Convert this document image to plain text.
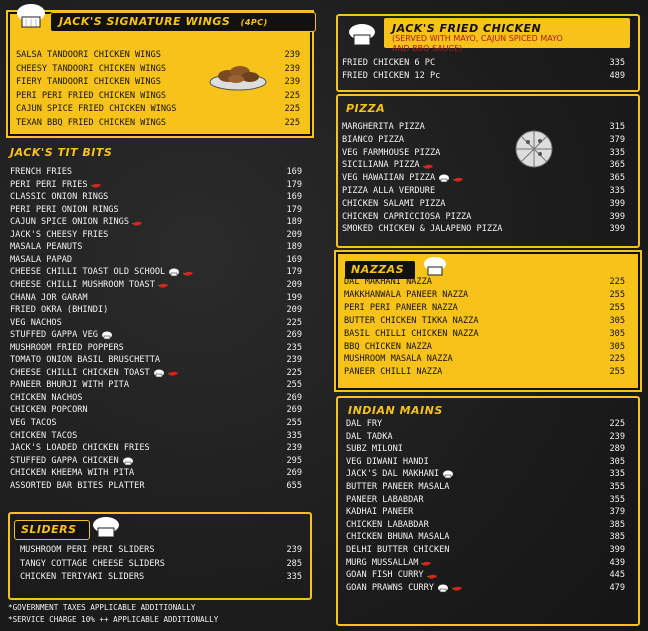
JACK'S SIGNATURE WINGS (4PC)
SALSA TANDOORI CHICKEN WINGS	239
CHEESY TANDOORI CHICKEN WINGS	239
FIERY TANDOORI CHICKEN WINGS	239
PERI PERI FRIED CHICKEN WINGS	225
CAJUN SPICE FRIED CHICKEN WINGS	225
TEXAN BBQ FRIED CHICKEN WINGS	225
JACK'S TIT BITS
FRENCH FRIES	169
PERI PERI FRIES	179
CLASSIC ONION RINGS	169
PERI PERI ONION RINGS	179
CAJUN SPICE ONION RINGS	189
JACK'S CHEESY FRIES	209
MASALA PEANUTS	189
MASALA PAPAD	169
CHEESE CHILLI TOAST OLD SCHOOL	179
CHEESE CHILLI MUSHROOM TOAST	209
CHANA JOR GARAM	199
FRIED OKRA (BHINDI)	209
VEG NACHOS	225
STUFFED GAPPA VEG	269
MUSHROOM FRIED POPPERS	235
TOMATO ONION BASIL BRUSCHETTA	239
CHEESE CHILLI CHICKEN TOAST	225
PANEER BHURJI WITH PITA	255
CHICKEN NACHOS	269
CHICKEN POPCORN	269
VEG TACOS	255
CHICKEN TACOS	335
JACK'S LOADED CHICKEN FRIES	239
STUFFED GAPPA CHICKEN	295
CHICKEN KHEEMA WITH PITA	269
ASSORTED BAR BITES PLATTER	655
SLIDERS
MUSHROOM PERI PERI SLIDERS	239
TANGY COTTAGE CHEESE SLIDERS	285
CHICKEN TERIYAKI SLIDERS	335
*GOVERNMENT TAXES APPLICABLE ADDITIONALLY
*SERVICE CHARGE 10% ++ APPLICABLE ADDITIONALLY
JACK'S FRIED CHICKEN
(SERVED WITH MAYO, CAJUN SPICED MAYO
AND BBQ SAUCE)
FRIED CHICKEN 6 PC	335
FRIED CHICKEN 12 Pc	489
PIZZA
MARGHERITA PIZZA	315
BIANCO PIZZA	379
VEG FARMHOUSE PIZZA	335
SICILIANA PIZZA	365
VEG HAWAIIAN PIZZA	365
PIZZA ALLA VERDURE	335
CHICKEN SALAMI PIZZA	399
CHICKEN CAPRICCIOSA PIZZA	399
SMOKED CHICKEN & JALAPENO PIZZA	399
NAZZAS
DAL MAKHANI NAZZA	225
MAKKHANWALA PANEER NAZZA	255
PERI PERI PANEER NAZZA	255
BUTTER CHICKEN TIKKA NAZZA	305
BASIL CHILLI CHICKEN NAZZA	305
BBQ CHICKEN NAZZA	305
MUSHROOM MASALA NAZZA	225
PANEER CHILLI NAZZA	255
INDIAN MAINS
DAL FRY	225
DAL TADKA	239
SUBZ MILONI	289
VEG DIWANI HANDI	305
JACK'S DAL MAKHANI	335
BUTTER PANEER MASALA	355
PANEER LABABDAR	355
KADHAI PANEER	379
CHICKEN LABABDAR	385
CHICKEN BHUNA MASALA	385
DELHI BUTTER CHICKEN	399
MURG MUSSALLAM	439
GOAN FISH CURRY	445
GOAN PRAWNS CURRY	479
